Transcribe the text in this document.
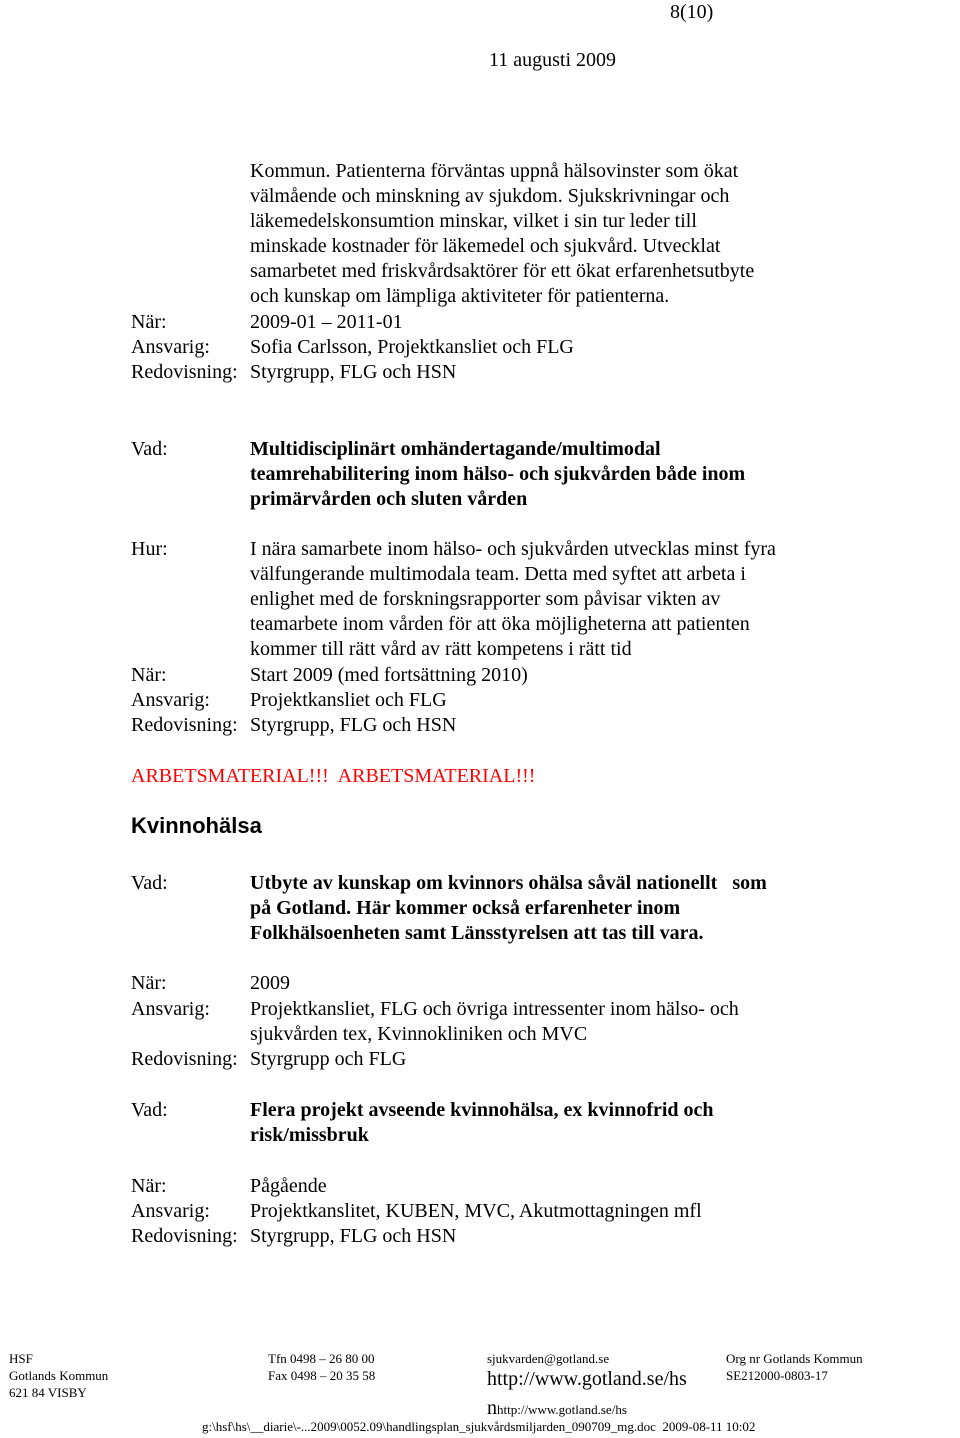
8(10)
11 augusti 2009
Kommun. Patienterna förväntas uppnå hälsovinster som ökat
välmående och minskning av sjukdom. Sjukskrivningar och
läkemedelskonsumtion minskar, vilket i sin tur leder till
minskade kostnader för läkemedel och sjukvård. Utvecklat
samarbetet med friskvårdsaktörer för ett ökat erfarenhetsutbyte
och kunskap om lämpliga aktiviteter för patienterna.
När:	2009-01 – 2011-01
Ansvarig: Sofia Carlsson, Projektkansliet och FLG
Redovisning: Styrgrupp, FLG och HSN
Vad:	Multidisciplinärt omhändertagande/multimodal
teamrehabilitering inom hälso- och sjukvården både inom
primärvården och sluten vården
Hur:	I nära samarbete inom hälso- och sjukvården utvecklas minst fyra
välfungerande multimodala team. Detta med syftet att arbeta i
enlighet med de forskningsrapporter som påvisar vikten av
teamarbete inom vården för att öka möjligheterna att patienten
kommer till rätt vård av rätt kompetens i rätt tid
När:	Start 2009 (med fortsättning 2010)
Ansvarig: Projektkansliet och FLG
Redovisning: Styrgrupp, FLG och HSN
ARBETSMATERIAL!!!  ARBETSMATERIAL!!!
Kvinnohälsa
Vad:	Utbyte av kunskap om kvinnors ohälsa såväl nationellt   som
på Gotland. Här kommer också erfarenheter inom
Folkhälsoenheten samt Länsstyrelsen att tas till vara.
När:	2009
Ansvarig: Projektkansliet, FLG och övriga intressenter inom hälso- och
sjukvården tex, Kvinnokliniken och MVC
Redovisning: Styrgrupp och FLG
Vad:	Flera projekt avseende kvinnohälsa, ex kvinnofrid och
risk/missbruk
När:	Pågående
Ansvarig: Projektkanslitet, KUBEN, MVC, Akutmottagningen mfl
Redovisning: Styrgrupp, FLG och HSN
HSF
Gotlands Kommun
621 84 VISBY
Tfn 0498 – 26 80 00
Fax 0498 – 20 35 58
sjukvarden@gotland.se
http://www.gotland.se/hs
nhttp://www.gotland.se/hs
Org nr Gotlands Kommun
SE212000-0803-17
g:\hsf\hs\__diarie\-...2009\0052.09\handlingsplan_sjukvårdsmiljarden_090709_mg.doc  2009-08-11 10:02
